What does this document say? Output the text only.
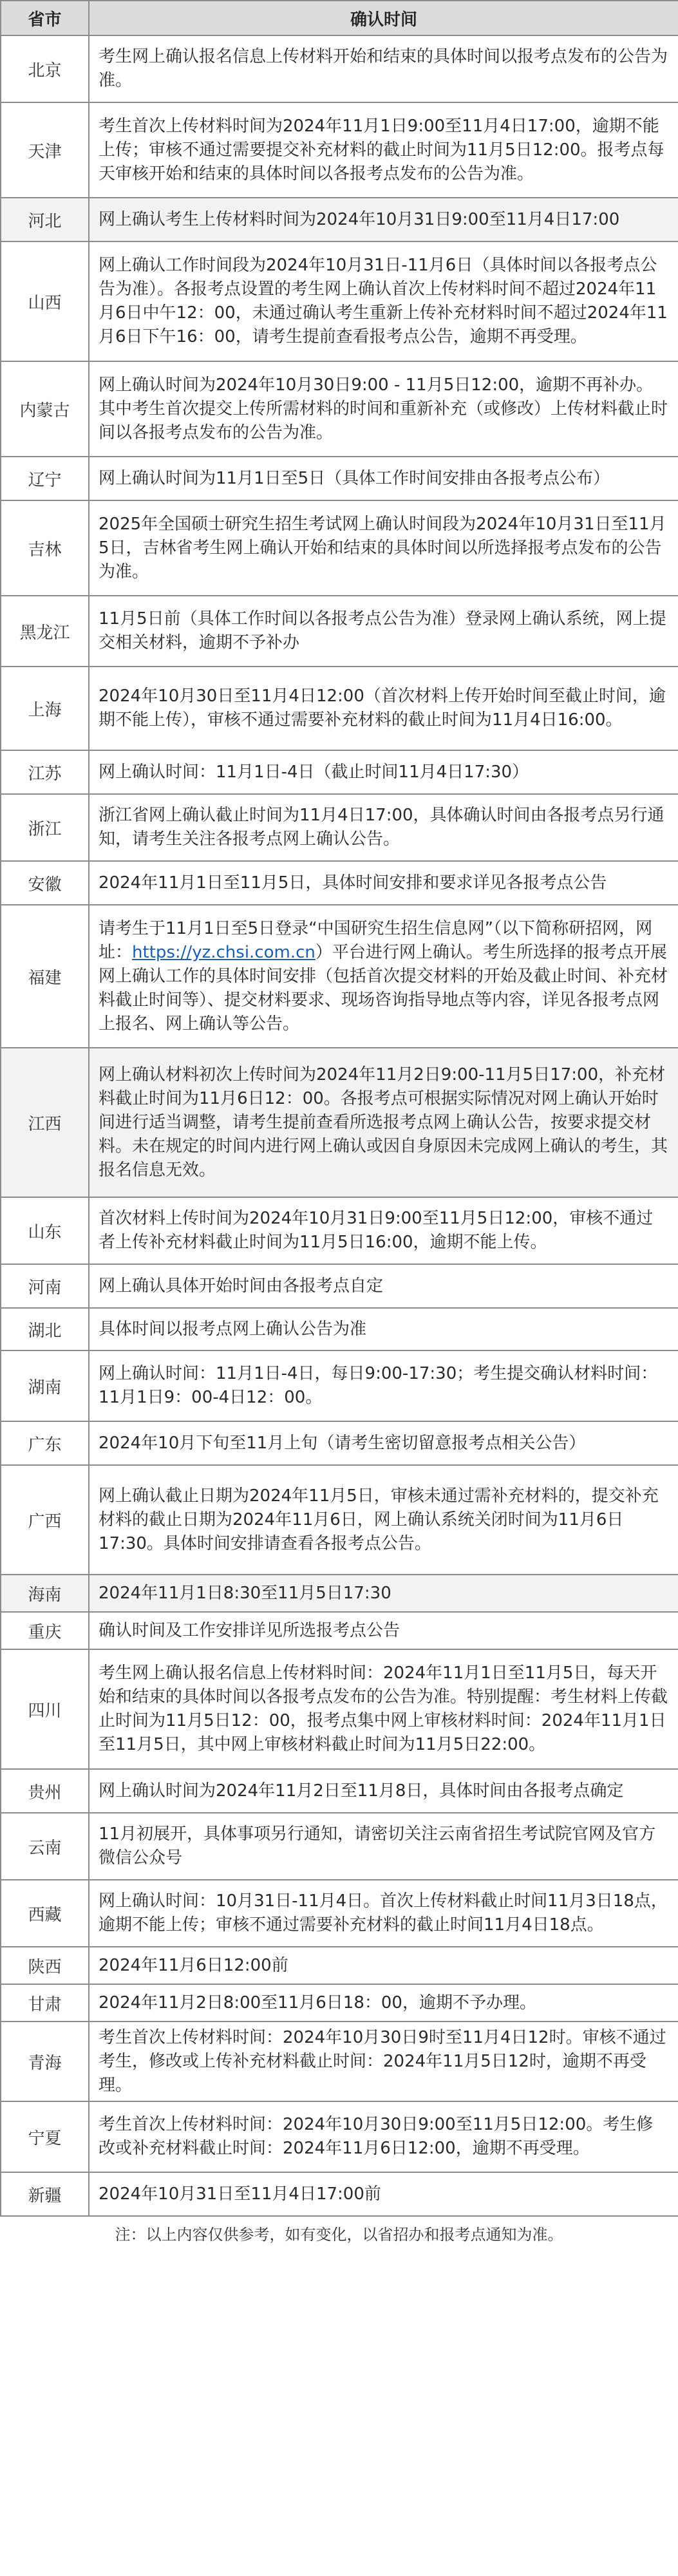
省市	确认时间
北京	考生网上确认报名信息上传材料开始和结束的具体时间以报考点发布的公告为准。
天津	考生首次上传材料时间为2024年11月1日9:00至11月4日17:00，逾期不能上传；审核不通过需要提交补充材料的截止时间为11月5日12:00。报考点每天审核开始和结束的具体时间以各报考点发布的公告为准。
河北	网上确认考生上传材料时间为2024年10月31日9:00至11月4日17:00
山西	网上确认工作时间段为2024年10月31日-11月6日（具体时间以各报考点公告为准）。各报考点设置的考生网上确认首次上传材料时间不超过2024年11月6日中午12：00，未通过确认考生重新上传补充材料时间不超过2024年11月6日下午16：00，请考生提前查看报考点公告，逾期不再受理。
内蒙古	网上确认时间为2024年10月30日9:00 - 11月5日12:00，逾期不再补办。其中考生首次提交上传所需材料的时间和重新补充（或修改）上传材料截止时间以各报考点发布的公告为准。
辽宁	网上确认时间为11月1日至5日（具体工作时间安排由各报考点公布）
吉林	2025年全国硕士研究生招生考试网上确认时间段为2024年10月31日至11月5日，吉林省考生网上确认开始和结束的具体时间以所选择报考点发布的公告为准。
黑龙江	11月5日前（具体工作时间以各报考点公告为准）登录网上确认系统，网上提交相关材料，逾期不予补办
上海	2024年10月30日至11月4日12:00（首次材料上传开始时间至截止时间，逾期不能上传），审核不通过需要补充材料的截止时间为11月4日16:00。
江苏	网上确认时间：11月1日-4日（截止时间11月4日17:30）
浙江	浙江省网上确认截止时间为11月4日17:00，具体确认时间由各报考点另行通知，请考生关注各报考点网上确认公告。
安徽	2024年11月1日至11月5日，具体时间安排和要求详见各报考点公告
福建	请考生于11月1日至5日登录“中国研究生招生信息网”（以下简称研招网，网址：https://yz.chsi.com.cn）平台进行网上确认。考生所选择的报考点开展网上确认工作的具体时间安排（包括首次提交材料的开始及截止时间、补充材料截止时间等）、提交材料要求、现场咨询指导地点等内容，详见各报考点网上报名、网上确认等公告。
江西	网上确认材料初次上传时间为2024年11月2日9:00-11月5日17:00，补充材料截止时间为11月6日12：00。各报考点可根据实际情况对网上确认开始时间进行适当调整，请考生提前查看所选报考点网上确认公告，按要求提交材料。未在规定的时间内进行网上确认或因自身原因未完成网上确认的考生，其报名信息无效。
山东	首次材料上传时间为2024年10月31日9:00至11月5日12:00，审核不通过者上传补充材料截止时间为11月5日16:00，逾期不能上传。
河南	网上确认具体开始时间由各报考点自定
湖北	具体时间以报考点网上确认公告为准
湖南	网上确认时间：11月1日-4日，每日9:00-17:30；考生提交确认材料时间：11月1日9：00-4日12：00。
广东	2024年10月下旬至11月上旬（请考生密切留意报考点相关公告）
广西	网上确认截止日期为2024年11月5日，审核未通过需补充材料的，提交补充材料的截止日期为2024年11月6日，网上确认系统关闭时间为11月6日17:30。具体时间安排请查看各报考点公告。
海南	2024年11月1日8:30至11月5日17:30
重庆	确认时间及工作安排详见所选报考点公告
四川	考生网上确认报名信息上传材料时间：2024年11月1日至11月5日，每天开始和结束的具体时间以各报考点发布的公告为准。特别提醒：考生材料上传截止时间为11月5日12：00，报考点集中网上审核材料时间：2024年11月1日至11月5日，其中网上审核材料截止时间为11月5日22:00。
贵州	网上确认时间为2024年11月2日至11月8日，具体时间由各报考点确定
云南	11月初展开，具体事项另行通知，请密切关注云南省招生考试院官网及官方微信公众号
西藏	网上确认时间：10月31日-11月4日。首次上传材料截止时间11月3日18点，逾期不能上传；审核不通过需要补充材料的截止时间11月4日18点。
陕西	2024年11月6日12:00前
甘肃	2024年11月2日8:00至11月6日18：00，逾期不予办理。
青海	考生首次上传材料时间：2024年10月30日9时至11月4日12时。审核不通过考生，修改或上传补充材料截止时间：2024年11月5日12时，逾期不再受理。
宁夏	考生首次上传材料时间：2024年10月30日9:00至11月5日12:00。考生修改或补充材料截止时间：2024年11月6日12:00，逾期不再受理。
新疆	2024年10月31日至11月4日17:00前
注：以上内容仅供参考，如有变化，以省招办和报考点通知为准。
